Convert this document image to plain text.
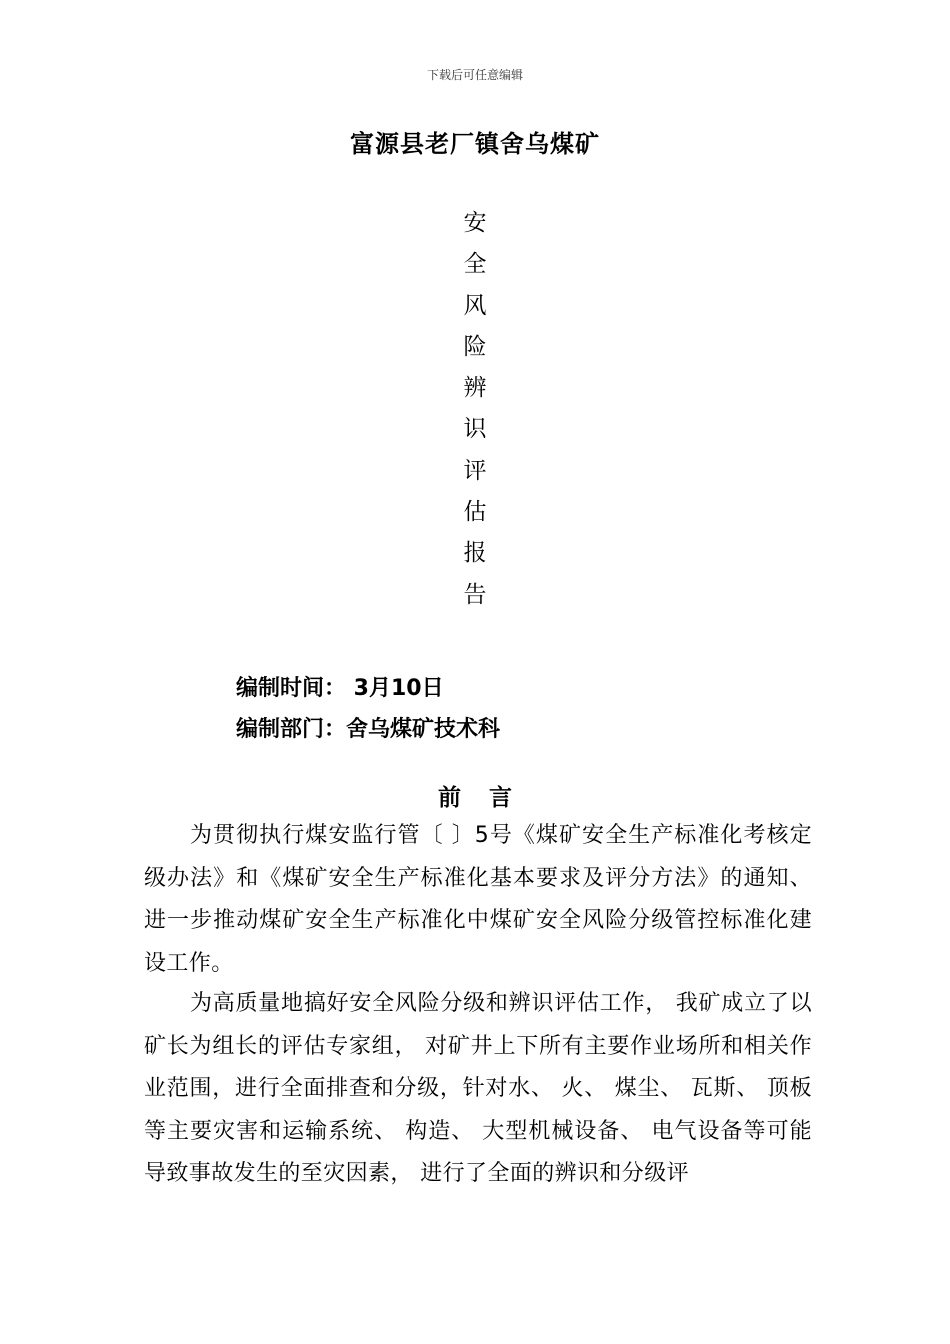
下载后可任意编辑
富源县老厂镇舍乌煤矿
安
全
风
险
辨
识
评
估
报
告
编制时间： 3月10日
编制部门：舍乌煤矿技术科
前言

为贯彻执行煤安监行管〔 〕5号《煤矿安全生产标准化考核定级办法》和《煤矿安全生产标准化基本要求及评分方法》的通知、 进一步推动煤矿安全生产标准化中煤矿安全风险分级管控标准化建设工作。

为高质量地搞好安全风险分级和辨识评估工作， 我矿成立了以矿长为组长的评估专家组， 对矿井上下所有主要作业场所和相关作业范围，进行全面排查和分级，针对水、 火、 煤尘、 瓦斯、 顶板等主要灾害和运输系统、 构造、 大型机械设备、 电气设备等可能导致事故发生的至灾因素， 进行了全面的辨识和分级评
